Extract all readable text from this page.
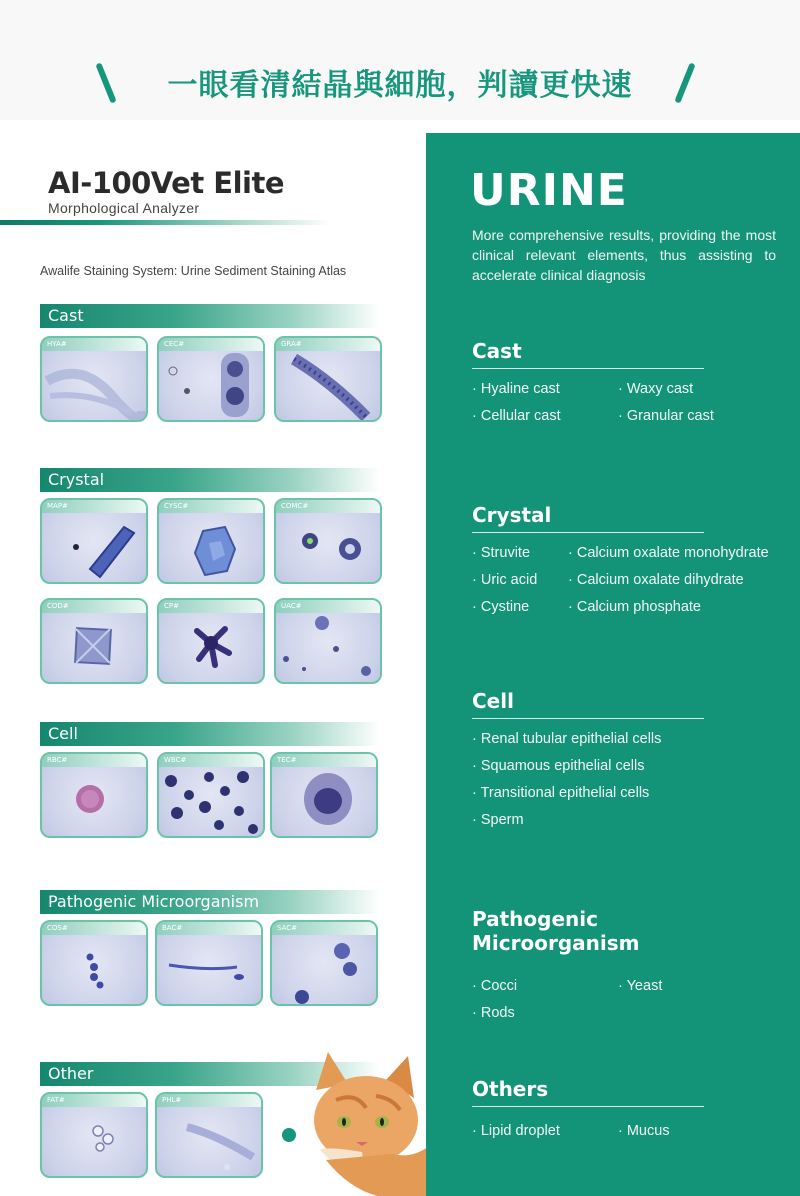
一眼看清結晶與細胞，判讀更快速
AI-100Vet Elite
Morphological Analyzer
Awalife Staining System: Urine Sediment Staining Atlas
Cast
HYA#	CEC#	GRA#
Crystal
MAP#	CYSC#	COMC#
COD#	CP#	UAC#
Cell
RBC#	WBC#	TEC#
Pathogenic Microorganism
COS#	BAC#	SAC#
Other
FAT#	PHL#
URINE
More comprehensive results, providing the most clinical relevant elements, thus assisting to accelerate clinical diagnosis
Cast
· Hyaline cast	· Waxy cast
· Cellular cast	· Granular cast
Crystal
· Struvite	· Calcium oxalate monohydrate
· Uric acid · Calcium oxalate dihydrate
· Cystine	· Calcium phosphate
Cell
· Renal tubular epithelial cells
· Squamous epithelial cells
· Transitional epithelial cells
· Sperm
Pathogenic Microorganism
· Cocci	· Yeast
· Rods
Others
· Lipid droplet	· Mucus
